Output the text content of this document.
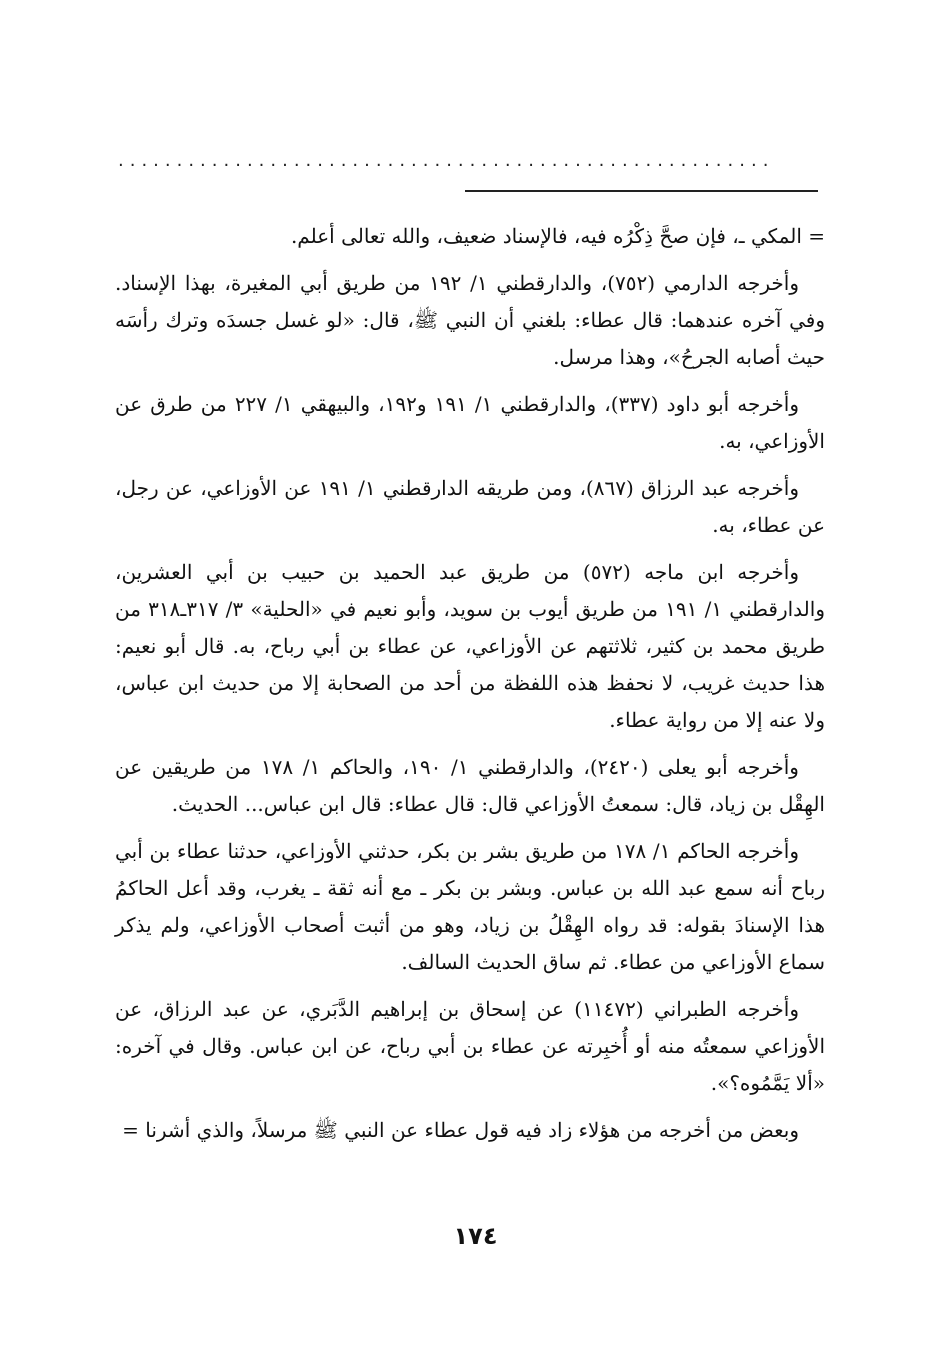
........................................................

= المكي ـ، فإن صحَّ ذِكْرُه فيه، فالإسناد ضعيف، والله تعالى أعلم.

وأخرجه الدارمي (٧٥٢)، والدارقطني ١/ ١٩٢ من طريق أبي المغيرة، بهذا الإسناد. وفي آخره عندهما: قال عطاء: بلغني أن النبي ﷺ، قال: «لو غسل جسدَه وترك رأسَه حيث أصابه الجرحُ»، وهذا مرسل.

وأخرجه أبو داود (٣٣٧)، والدارقطني ١/ ١٩١ و١٩٢، والبيهقي ١/ ٢٢٧ من طرق عن الأوزاعي، به.

وأخرجه عبد الرزاق (٨٦٧)، ومن طريقه الدارقطني ١/ ١٩١ عن الأوزاعي، عن رجل، عن عطاء، به.

وأخرجه ابن ماجه (٥٧٢) من طريق عبد الحميد بن حبيب بن أبي العشرين، والدارقطني ١/ ١٩١ من طريق أيوب بن سويد، وأبو نعيم في «الحلية» ٣/ ٣١٧ـ٣١٨ من طريق محمد بن كثير، ثلاثتهم عن الأوزاعي، عن عطاء بن أبي رباح، به. قال أبو نعيم: هذا حديث غريب، لا نحفظ هذه اللفظة من أحد من الصحابة إلا من حديث ابن عباس، ولا عنه إلا من رواية عطاء.

وأخرجه أبو يعلى (٢٤٢٠)، والدارقطني ١/ ١٩٠، والحاكم ١/ ١٧٨ من طريقين عن الهِقْل بن زياد، قال: سمعتُ الأوزاعي قال: قال عطاء: قال ابن عباس... الحديث.

وأخرجه الحاكم ١/ ١٧٨ من طريق بشر بن بكر، حدثني الأوزاعي، حدثنا عطاء بن أبي رباح أنه سمع عبد الله بن عباس. وبشر بن بكر ـ مع أنه ثقة ـ يغرب، وقد أعل الحاكمُ هذا الإسنادَ بقوله: قد رواه الهِقْلُ بن زياد، وهو من أثبت أصحاب الأوزاعي، ولم يذكر سماع الأوزاعي من عطاء. ثم ساق الحديث السالف.

وأخرجه الطبراني (١١٤٧٢) عن إسحاق بن إبراهيم الدَّبَري، عن عبد الرزاق، عن الأوزاعي سمعتُه منه أو أُخبِرته عن عطاء بن أبي رباح، عن ابن عباس. وقال في آخره: «ألا يَمَّمُوه؟».

وبعض من أخرجه من هؤلاء زاد فيه قول عطاء عن النبي ﷺ مرسلاً، والذي أشرنا =

١٧٤
